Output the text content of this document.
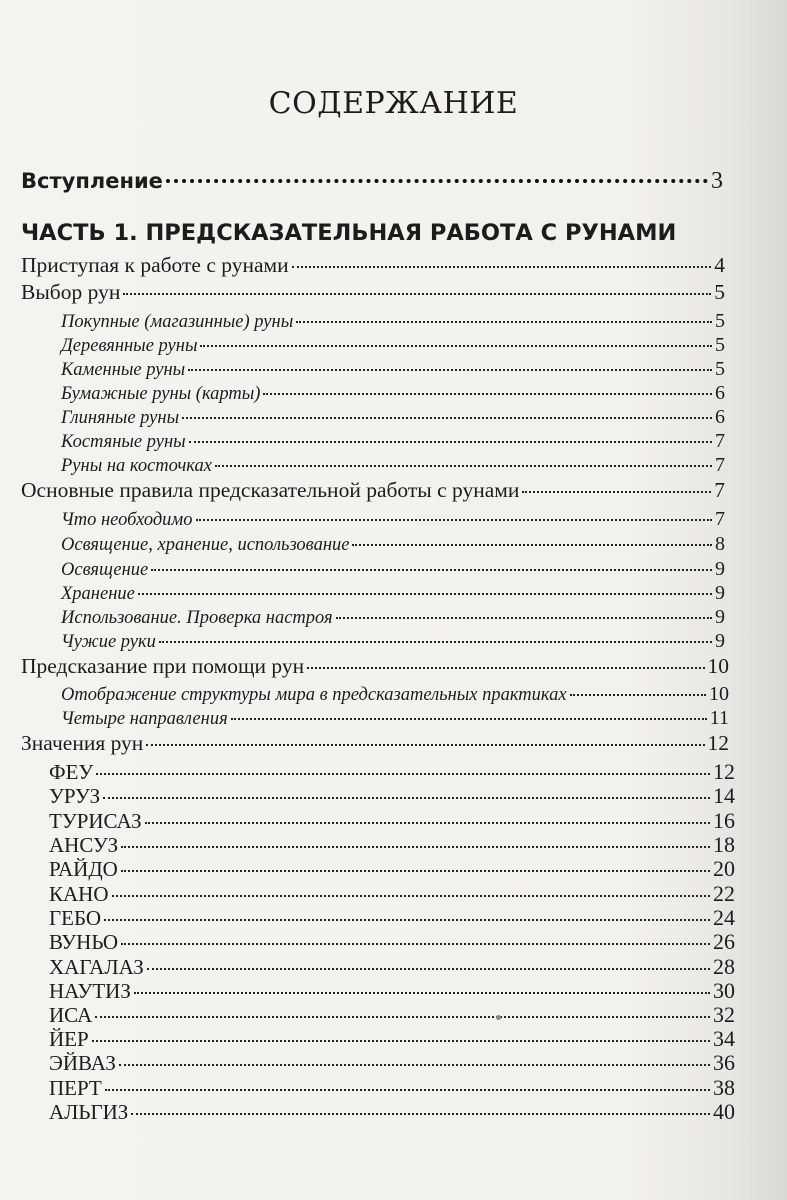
СОДЕРЖАНИЕ
Вступление	3
ЧАСТЬ 1. ПРЕДСКАЗАТЕЛЬНАЯ РАБОТА С РУНАМИ
Приступая к работе с рунами	4
Выбор рун	5
Покупные (магазинные) руны	5
Деревянные руны	5
Каменные руны	5
Бумажные руны (карты)	6
Глиняные руны	6
Костяные руны	7
Руны на косточках	7
Основные правила предсказательной работы с рунами	7
Что необходимо	7
Освящение, хранение, использование	8
Освящение	9
Хранение	9
Использование. Проверка настроя	9
Чужие руки	9
Предсказание при помощи рун	10
Отображение структуры мира в предсказательных практиках	10
Четыре направления	11
Значения рун	12
ФЕУ	12
УРУЗ	14
ТУРИСАЗ	16
АНСУЗ	18
РАЙДО	20
КАНО	22
ГЕБО	24
ВУНЬО	26
ХАГАЛАЗ	28
НАУТИЗ	30
ИСА	32
ЙЕР	34
ЭЙВАЗ	36
ПЕРТ	38
АЛЬГИЗ	40
